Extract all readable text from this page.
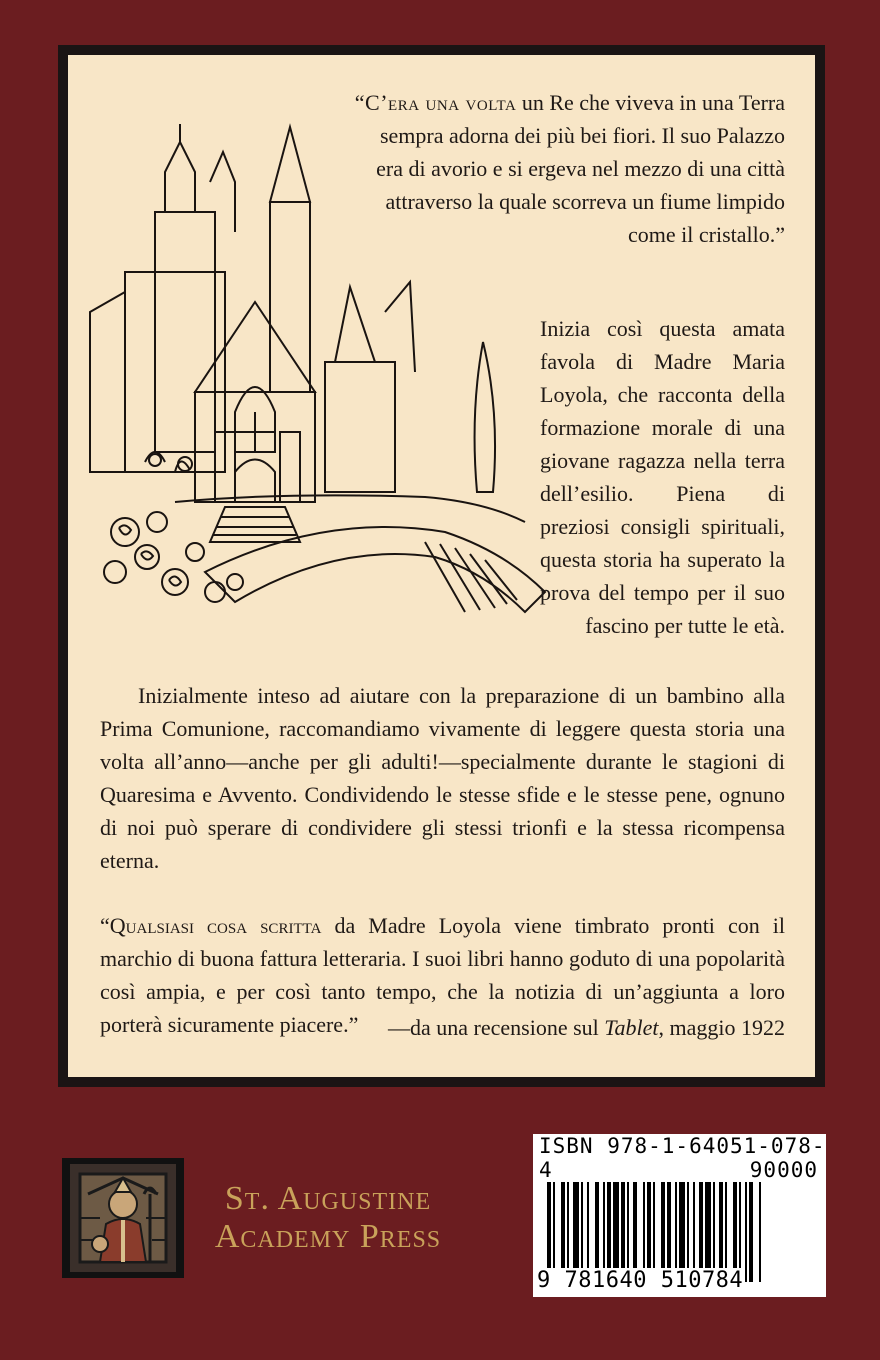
“C’era una volta un Re che viveva in una Terra sempra adorna dei più bei fiori. Il suo Palazzo era di avorio e si ergeva nel mezzo di una città attraverso la quale scorreva un fiume limpido come il cristallo.”
Inizia così questa amata favola di Madre Maria Loyola, che racconta della formazione morale di una giovane ragazza nella terra dell’esilio. Piena di preziosi consigli spirituali, questa storia ha superato la prova del tempo per il suo fascino per tutte le età.
Inizialmente inteso ad aiutare con la preparazione di un bambino alla Prima Comunione, raccomandiamo vivamente di leggere questa storia una volta all’anno—anche per gli adulti!—specialmente durante le stagioni di Quaresima e Avvento. Condividendo le stesse sfide e le stesse pene, ognuno di noi può sperare di condividere gli stessi trionfi e la stessa ricompensa eterna.
“Qualsiasi cosa scritta da Madre Loyola viene timbrato pronti con il marchio di buona fattura letteraria. I suoi libri hanno goduto di una popolarità così ampia, e per così tanto tempo, che la notizia di un’aggiunta a loro porterà sicuramente piacere.”	—da una recensione sul Tablet, maggio 1922
St. Augustine
Academy Press
ISBN 978-1-64051-078-4	90000
9 781640 510784
